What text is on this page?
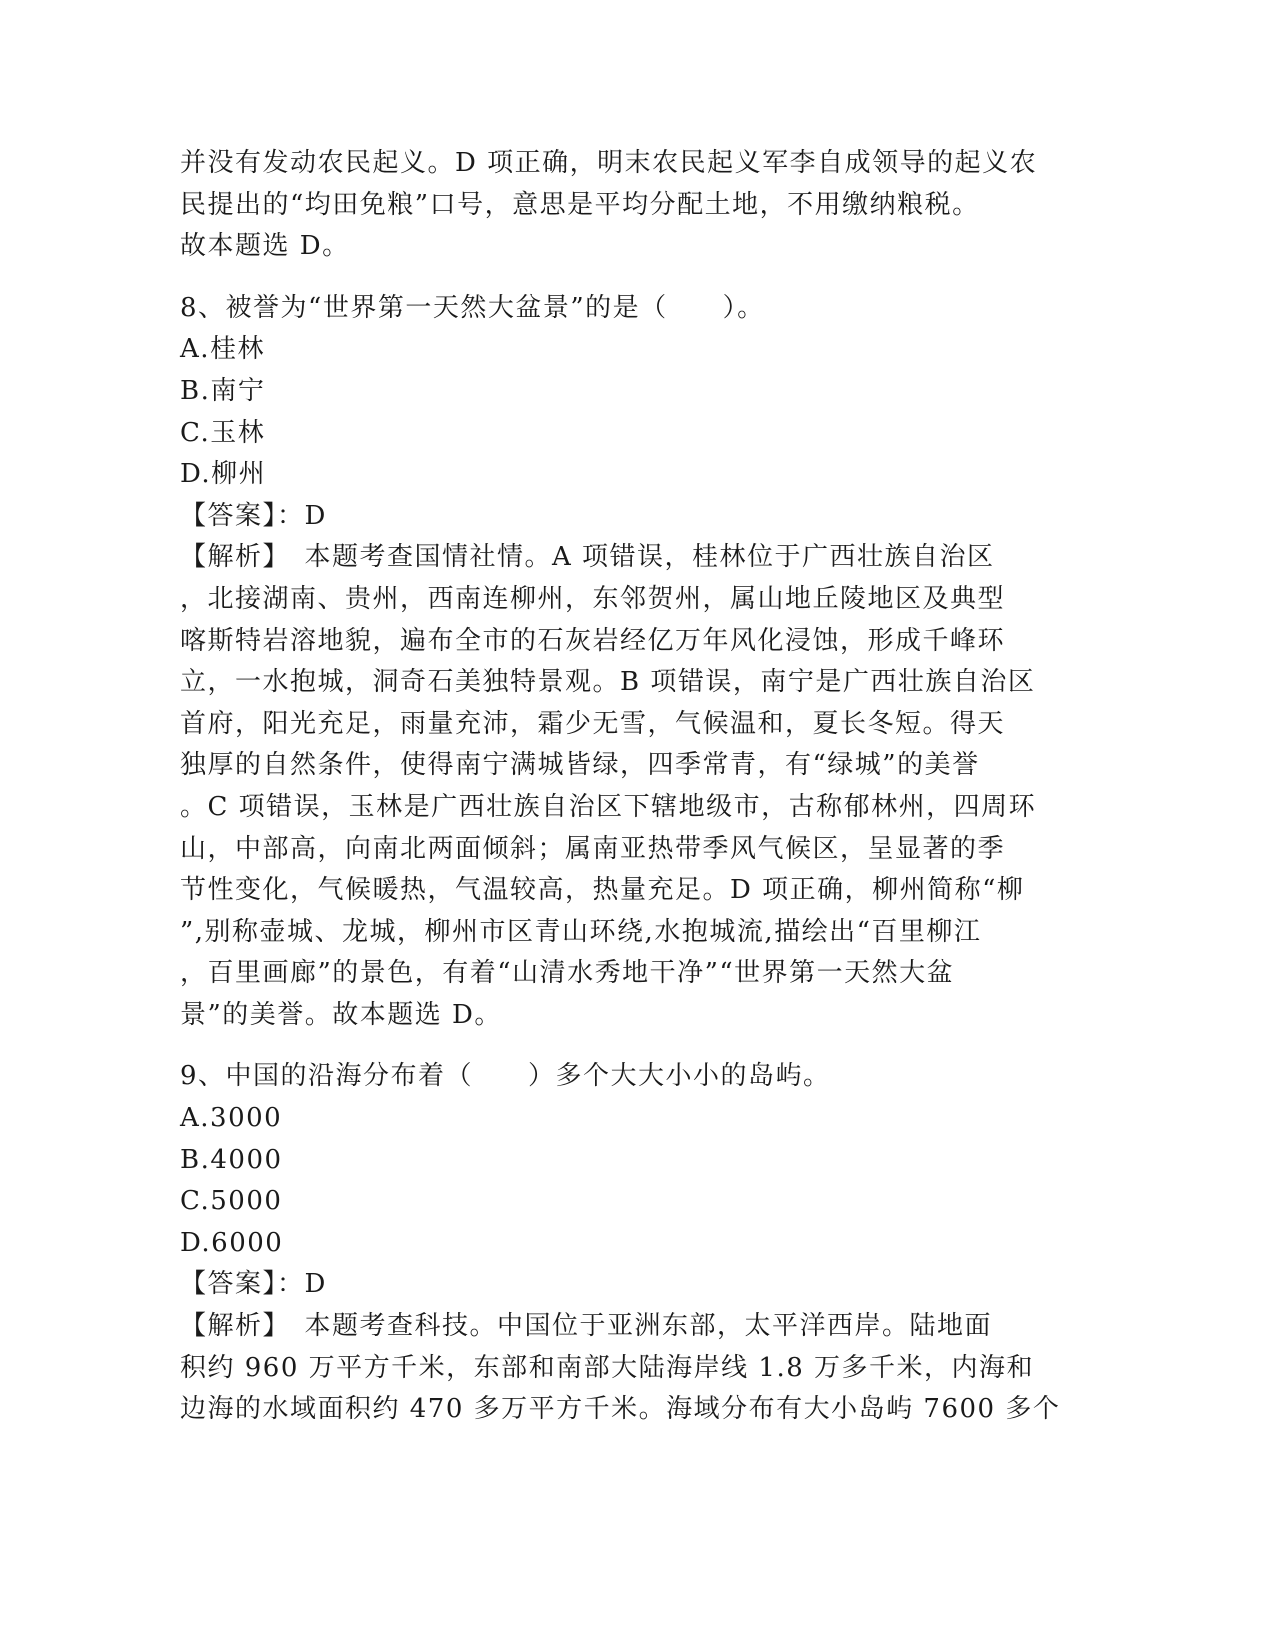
并没有发动农民起义。D 项正确，明末农民起义军李自成领导的起义农
民提出的“均田免粮”口号，意思是平均分配土地，不用缴纳粮税。
故本题选 D。
8、被誉为“世界第一天然大盆景”的是（　　）。
A.桂林
B.南宁
C.玉林
D.柳州
【答案】：D
【解析】　本题考查国情社情。A 项错误，桂林位于广西壮族自治区
，北接湖南、贵州，西南连柳州，东邻贺州，属山地丘陵地区及典型
喀斯特岩溶地貌，遍布全市的石灰岩经亿万年风化浸蚀，形成千峰环
立，一水抱城，洞奇石美独特景观。B 项错误，南宁是广西壮族自治区
首府，阳光充足，雨量充沛，霜少无雪，气候温和，夏长冬短。得天
独厚的自然条件，使得南宁满城皆绿，四季常青，有“绿城”的美誉
。C 项错误，玉林是广西壮族自治区下辖地级市，古称郁林州，四周环
山，中部高，向南北两面倾斜；属南亚热带季风气候区，呈显著的季
节性变化，气候暖热，气温较高，热量充足。D 项正确，柳州简称“柳
”,别称壶城、龙城，柳州市区青山环绕,水抱城流,描绘出“百里柳江
，百里画廊”的景色，有着“山清水秀地干净”“世界第一天然大盆
景”的美誉。故本题选 D。
9、中国的沿海分布着（　　）多个大大小小的岛屿。
A.3000
B.4000
C.5000
D.6000
【答案】：D
【解析】　本题考查科技。中国位于亚洲东部，太平洋西岸。陆地面
积约 960 万平方千米，东部和南部大陆海岸线 1.8 万多千米，内海和
边海的水域面积约 470 多万平方千米。海域分布有大小岛屿 7600 多个
